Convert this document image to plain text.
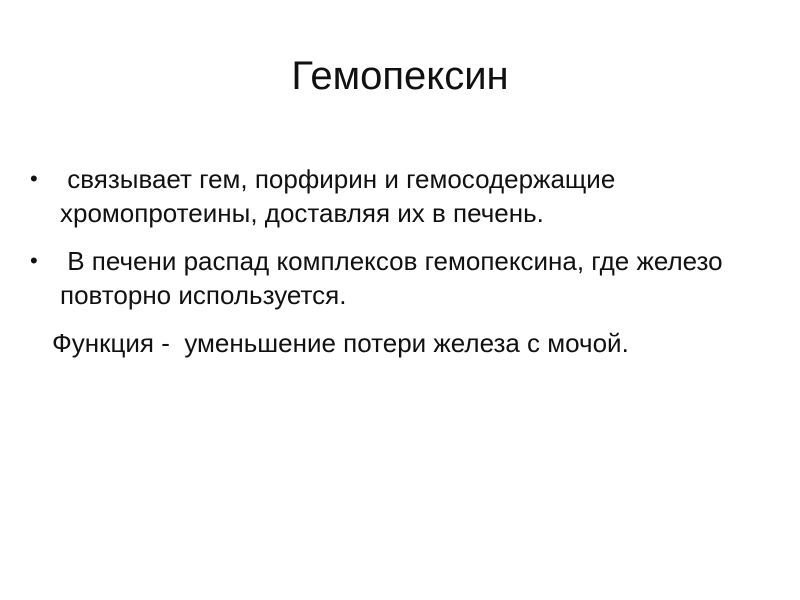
Гемопексин
• связывает гем, порфирин и гемосодержащие хромопротеины, доставляя их в печень.
• В печени распад комплексов гемопексина, где железо повторно используется.
Функция -  уменьшение потери железа с мочой.
